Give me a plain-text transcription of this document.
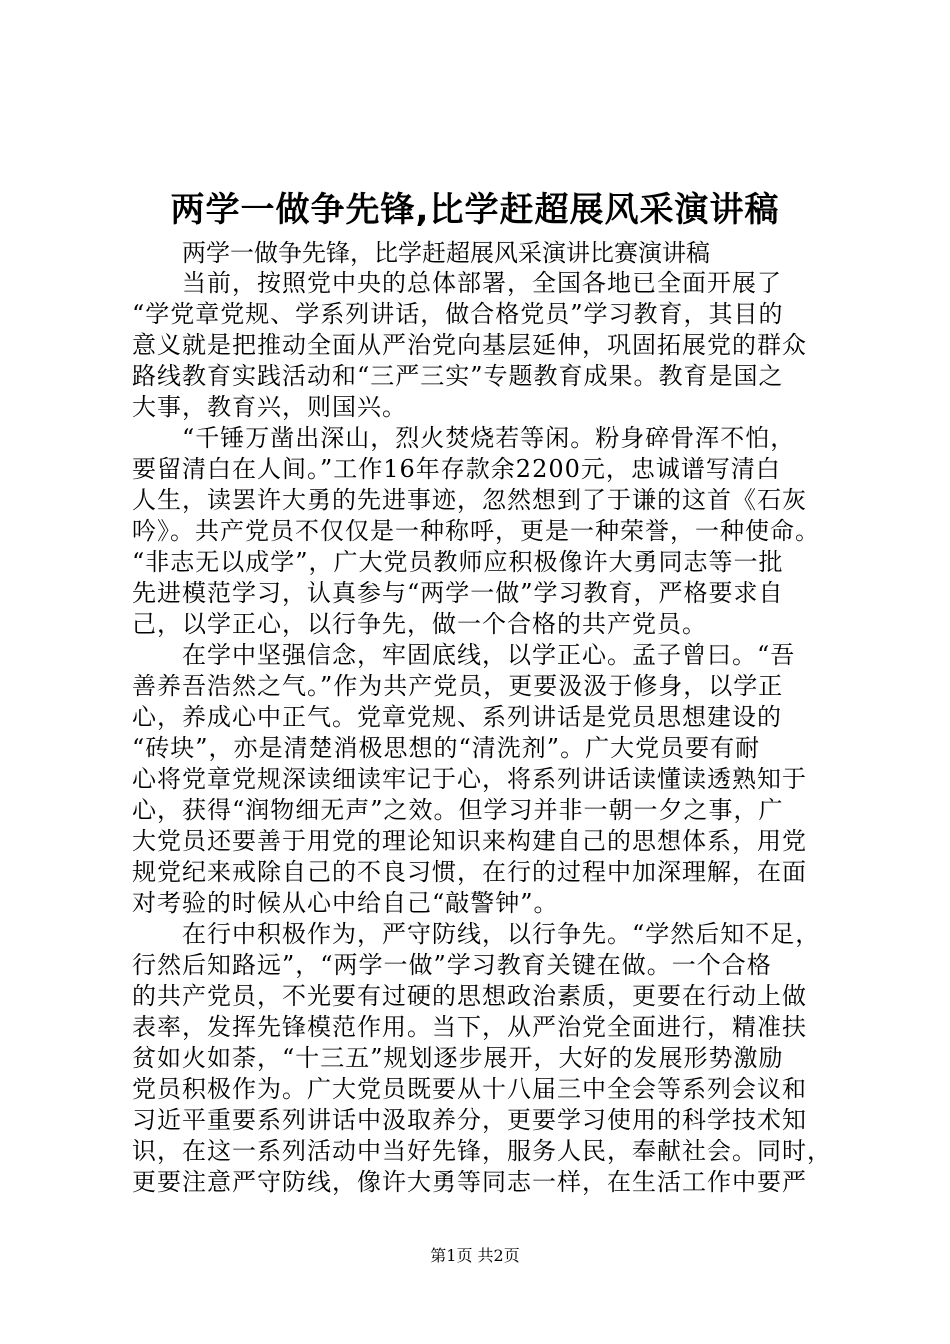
两学一做争先锋,比学赶超展风采演讲稿
两学一做争先锋，比学赶超展风采演讲比赛演讲稿
当前，按照党中央的总体部署，全国各地已全面开展了
“学党章党规、学系列讲话，做合格党员”学习教育，其目的
意义就是把推动全面从严治党向基层延伸，巩固拓展党的群众
路线教育实践活动和“三严三实”专题教育成果。教育是国之
大事，教育兴，则国兴。
“千锤万凿出深山，烈火焚烧若等闲。粉身碎骨浑不怕，
要留清白在人间。”工作16年存款余2200元，忠诚谱写清白
人生，读罢许大勇的先进事迹，忽然想到了于谦的这首《石灰
吟》。共产党员不仅仅是一种称呼，更是一种荣誉，一种使命。
“非志无以成学”，广大党员教师应积极像许大勇同志等一批
先进模范学习，认真参与“两学一做”学习教育，严格要求自
己，以学正心，以行争先，做一个合格的共产党员。
在学中坚强信念，牢固底线，以学正心。孟子曾曰。“吾
善养吾浩然之气。”作为共产党员，更要汲汲于修身，以学正
心，养成心中正气。党章党规、系列讲话是党员思想建设的
“砖块”，亦是清楚消极思想的“清洗剂”。广大党员要有耐
心将党章党规深读细读牢记于心，将系列讲话读懂读透熟知于
心，获得“润物细无声”之效。但学习并非一朝一夕之事，广
大党员还要善于用党的理论知识来构建自己的思想体系，用党
规党纪来戒除自己的不良习惯，在行的过程中加深理解，在面
对考验的时候从心中给自己“敲警钟”。
在行中积极作为，严守防线，以行争先。“学然后知不足，
行然后知路远”，“两学一做”学习教育关键在做。一个合格
的共产党员，不光要有过硬的思想政治素质，更要在行动上做
表率，发挥先锋模范作用。当下，从严治党全面进行，精准扶
贫如火如荼，“十三五”规划逐步展开，大好的发展形势激励
党员积极作为。广大党员既要从十八届三中全会等系列会议和
习近平重要系列讲话中汲取养分，更要学习使用的科学技术知
识，在这一系列活动中当好先锋，服务人民，奉献社会。同时，
更要注意严守防线，像许大勇等同志一样，在生活工作中要严
第1页 共2页
